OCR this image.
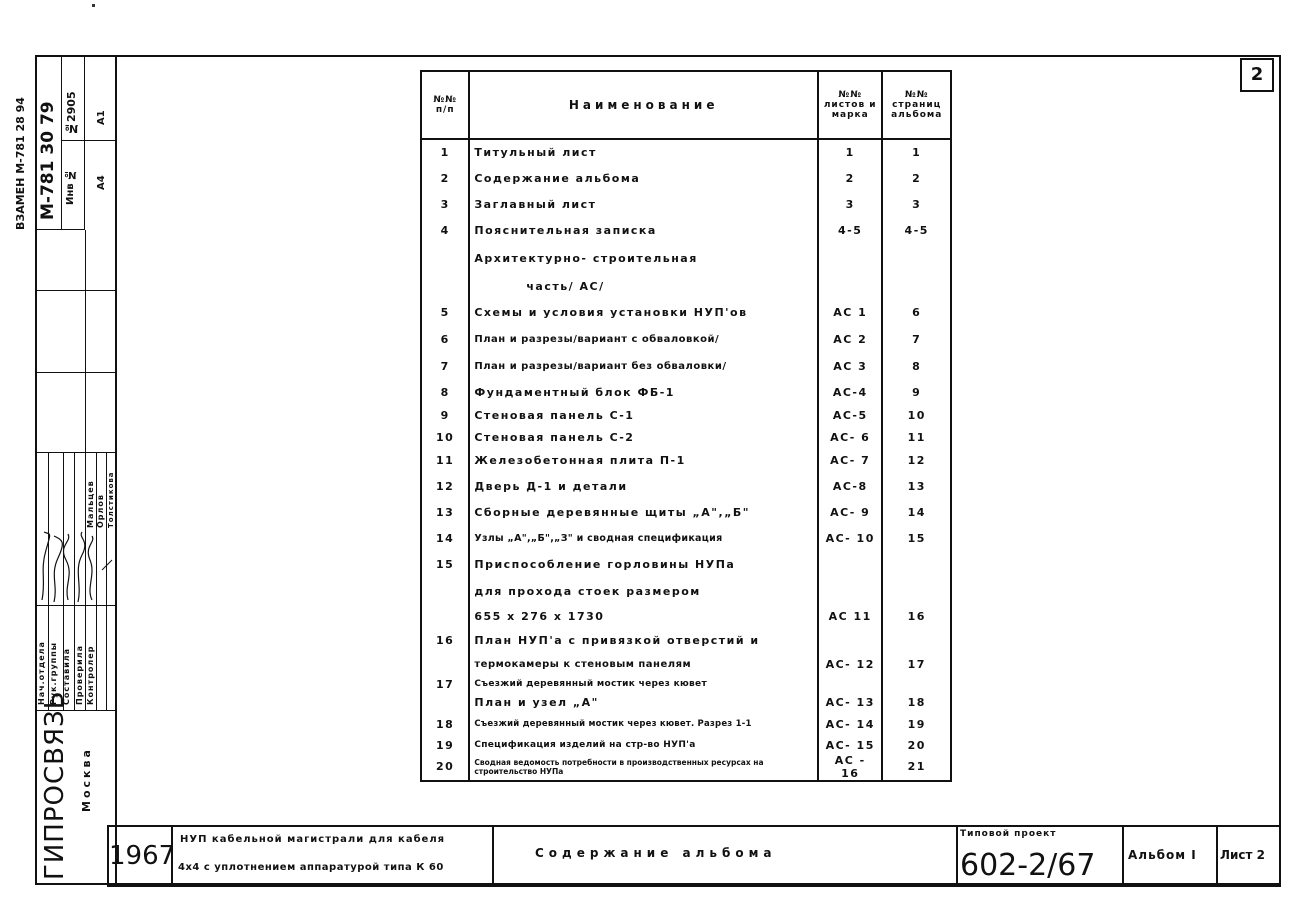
ВЗАМЕН М-781 28 94 М-781 30 79 №2905
Инв №
А1
А4
Нач.отдела Рук.группы Составила Проверила Контролер
Мальцев Орлов Толстикова
ГИПРОСВЯЗЬ Москва
2
№№ п/п	Наименование	№№ листов и марка	№№ страниц альбома
1	Титульный лист	1	1
2	Содержание альбома	2	2
3	Заглавный лист	3	3
4	Пояснительная записка	4-5	4-5
	Архитектурно- строительная		
	часть/ АС/		
5	Схемы и условия установки НУП'ов	АС 1	6
6	План и разрезы/вариант с обваловкой/	АС 2	7
7	План и разрезы/вариант без обваловки/	АС 3	8
8	Фундаментный блок ФБ-1	АС-4	9
9	Стеновая панель С-1	АС-5	10
10	Стеновая панель С-2	АС- 6	11
11	Железобетонная плита П-1	АС- 7	12
12	Дверь Д-1 и детали	АС-8	13
13	Сборные деревянные щиты „А",„Б"	АС- 9	14
14	Узлы „А",„Б",„З" и сводная спецификация	АС- 10	15
15	Приспособление горловины НУПа		
	для прохода стоек размером		
	655 x 276 x 1730	АС 11	16
16	План НУП'а с привязкой отверстий и		
	термокамеры к стеновым панелям	АС- 12	17
17	Съезжий деревянный мостик через кювет		
	План и узел „А"	АС- 13	18
18	Съезжий деревянный мостик через кювет. Разрез 1-1	АС- 14	19
19	Спецификация изделий на стр-во НУП'а	АС- 15	20
20	Сводная ведомость потребности в производственных ресурсах на строительство НУПа	АС - 16	21
1967
НУП кабельной магистрали для кабеля
4x4 с уплотнением аппаратурой типа К 60
Содержание альбома
Типовой проект
602-2/67	Альбом I Лист 2
